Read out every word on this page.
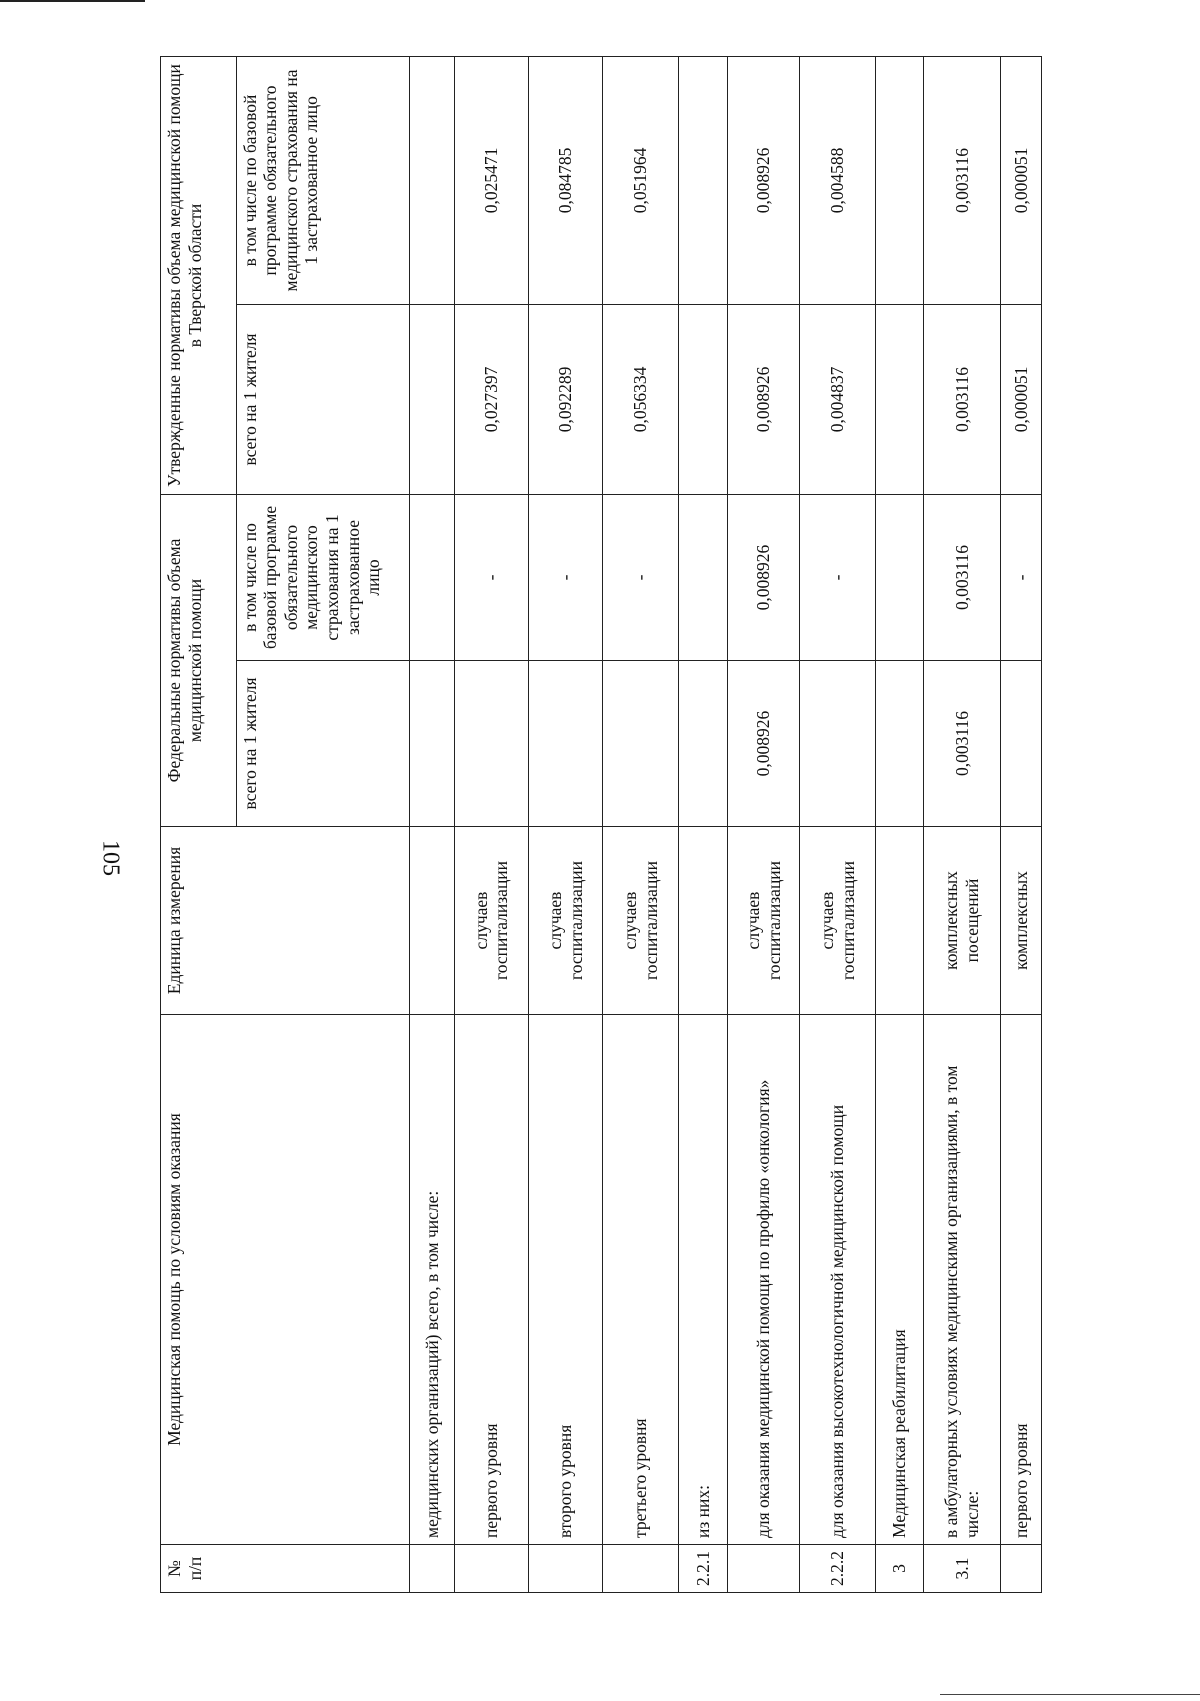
105
№ п/п	Медицинская помощь по условиям оказания	Единица измерения	Федеральные нормативы объема медицинской помощи		Утвержденные нормативы объема медицинской помощи в Тверской области	
			всего на 1 жителя	в том числе по базовой программе обязательного медицинского страхования на 1 застрахованное лицо	всего на 1 жителя	в том числе по базовой программе обязательного медицинского страхования на 1 застрахованное лицо
	медицинских организаций) всего, в том числе:					
	первого уровня	случаев госпитализации		-	0,027397	0,025471
	второго уровня	случаев госпитализации		-	0,092289	0,084785
	третьего уровня	случаев госпитализации		-	0,056334	0,051964
2.2.1	из них:					
	для оказания медицинской помощи по профилю «онкология»	случаев госпитализации	0,008926	0,008926	0,008926	0,008926
2.2.2	для оказания высокотехнологичной медицинской помощи	случаев госпитализации		-	0,004837	0,004588
3	Медицинская реабилитация					
3.1	в амбулаторных условиях медицинскими организациями, в том числе:	комплексных посещений	0,003116	0,003116	0,003116	0,003116
	первого уровня	комплексных		-	0,000051	0,000051
